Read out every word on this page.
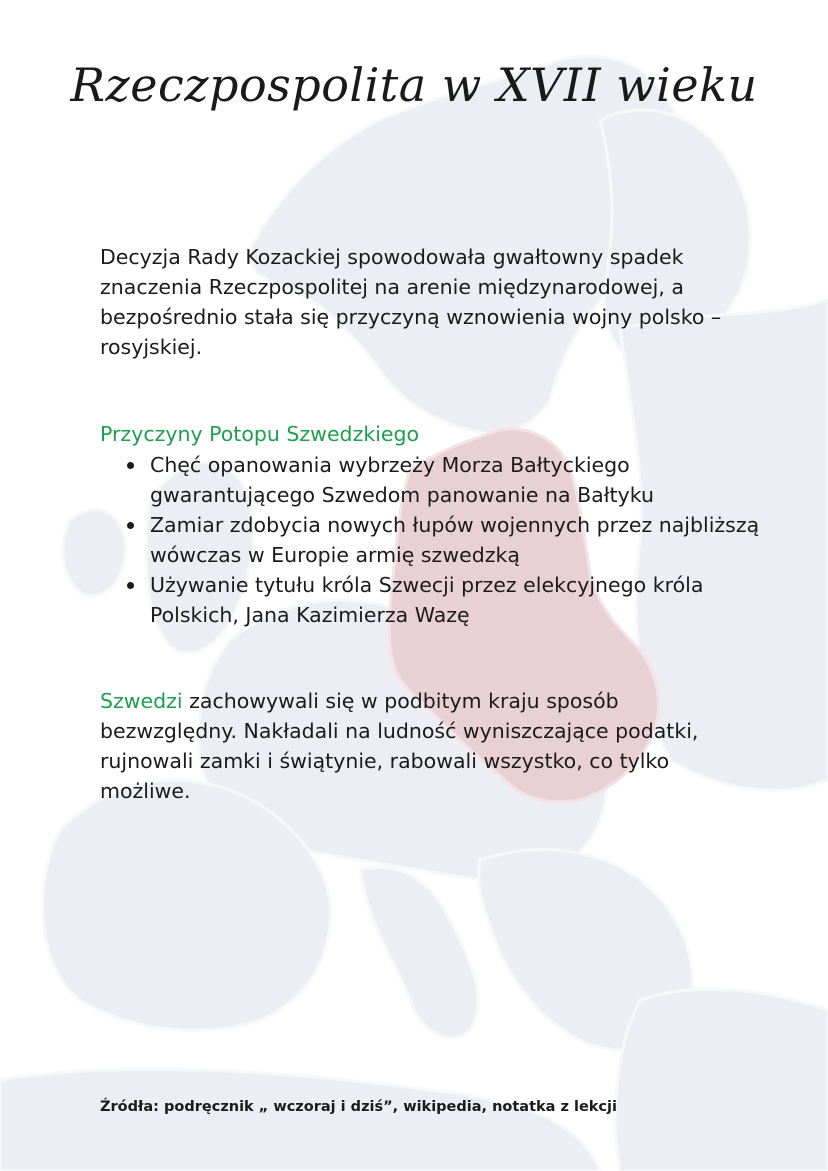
Rzeczpospolita w XVII wieku

Decyzja Rady Kozackiej spowodowała gwałtowny spadek znaczenia Rzeczpospolitej na arenie międzynarodowej, a bezpośrednio stała się przyczyną wznowienia wojny polsko – rosyjskiej.

Przyczyny Potopu Szwedzkiego
Chęć opanowania wybrzeży Morza Bałtyckiego gwarantującego Szwedom panowanie na Bałtyku
Zamiar zdobycia nowych łupów wojennych przez najbliższą wówczas w Europie armię szwedzką
Używanie tytułu króla Szwecji przez elekcyjnego króla Polskich, Jana Kazimierza Wazę

Szwedzi zachowywali się w podbitym kraju sposób bezwzględny. Nakładali na ludność wyniszczające podatki, rujnowali zamki i świątynie, rabowali wszystko, co tylko możliwe.

Źródła: podręcznik „ wczoraj i dziś”, wikipedia, notatka z lekcji
